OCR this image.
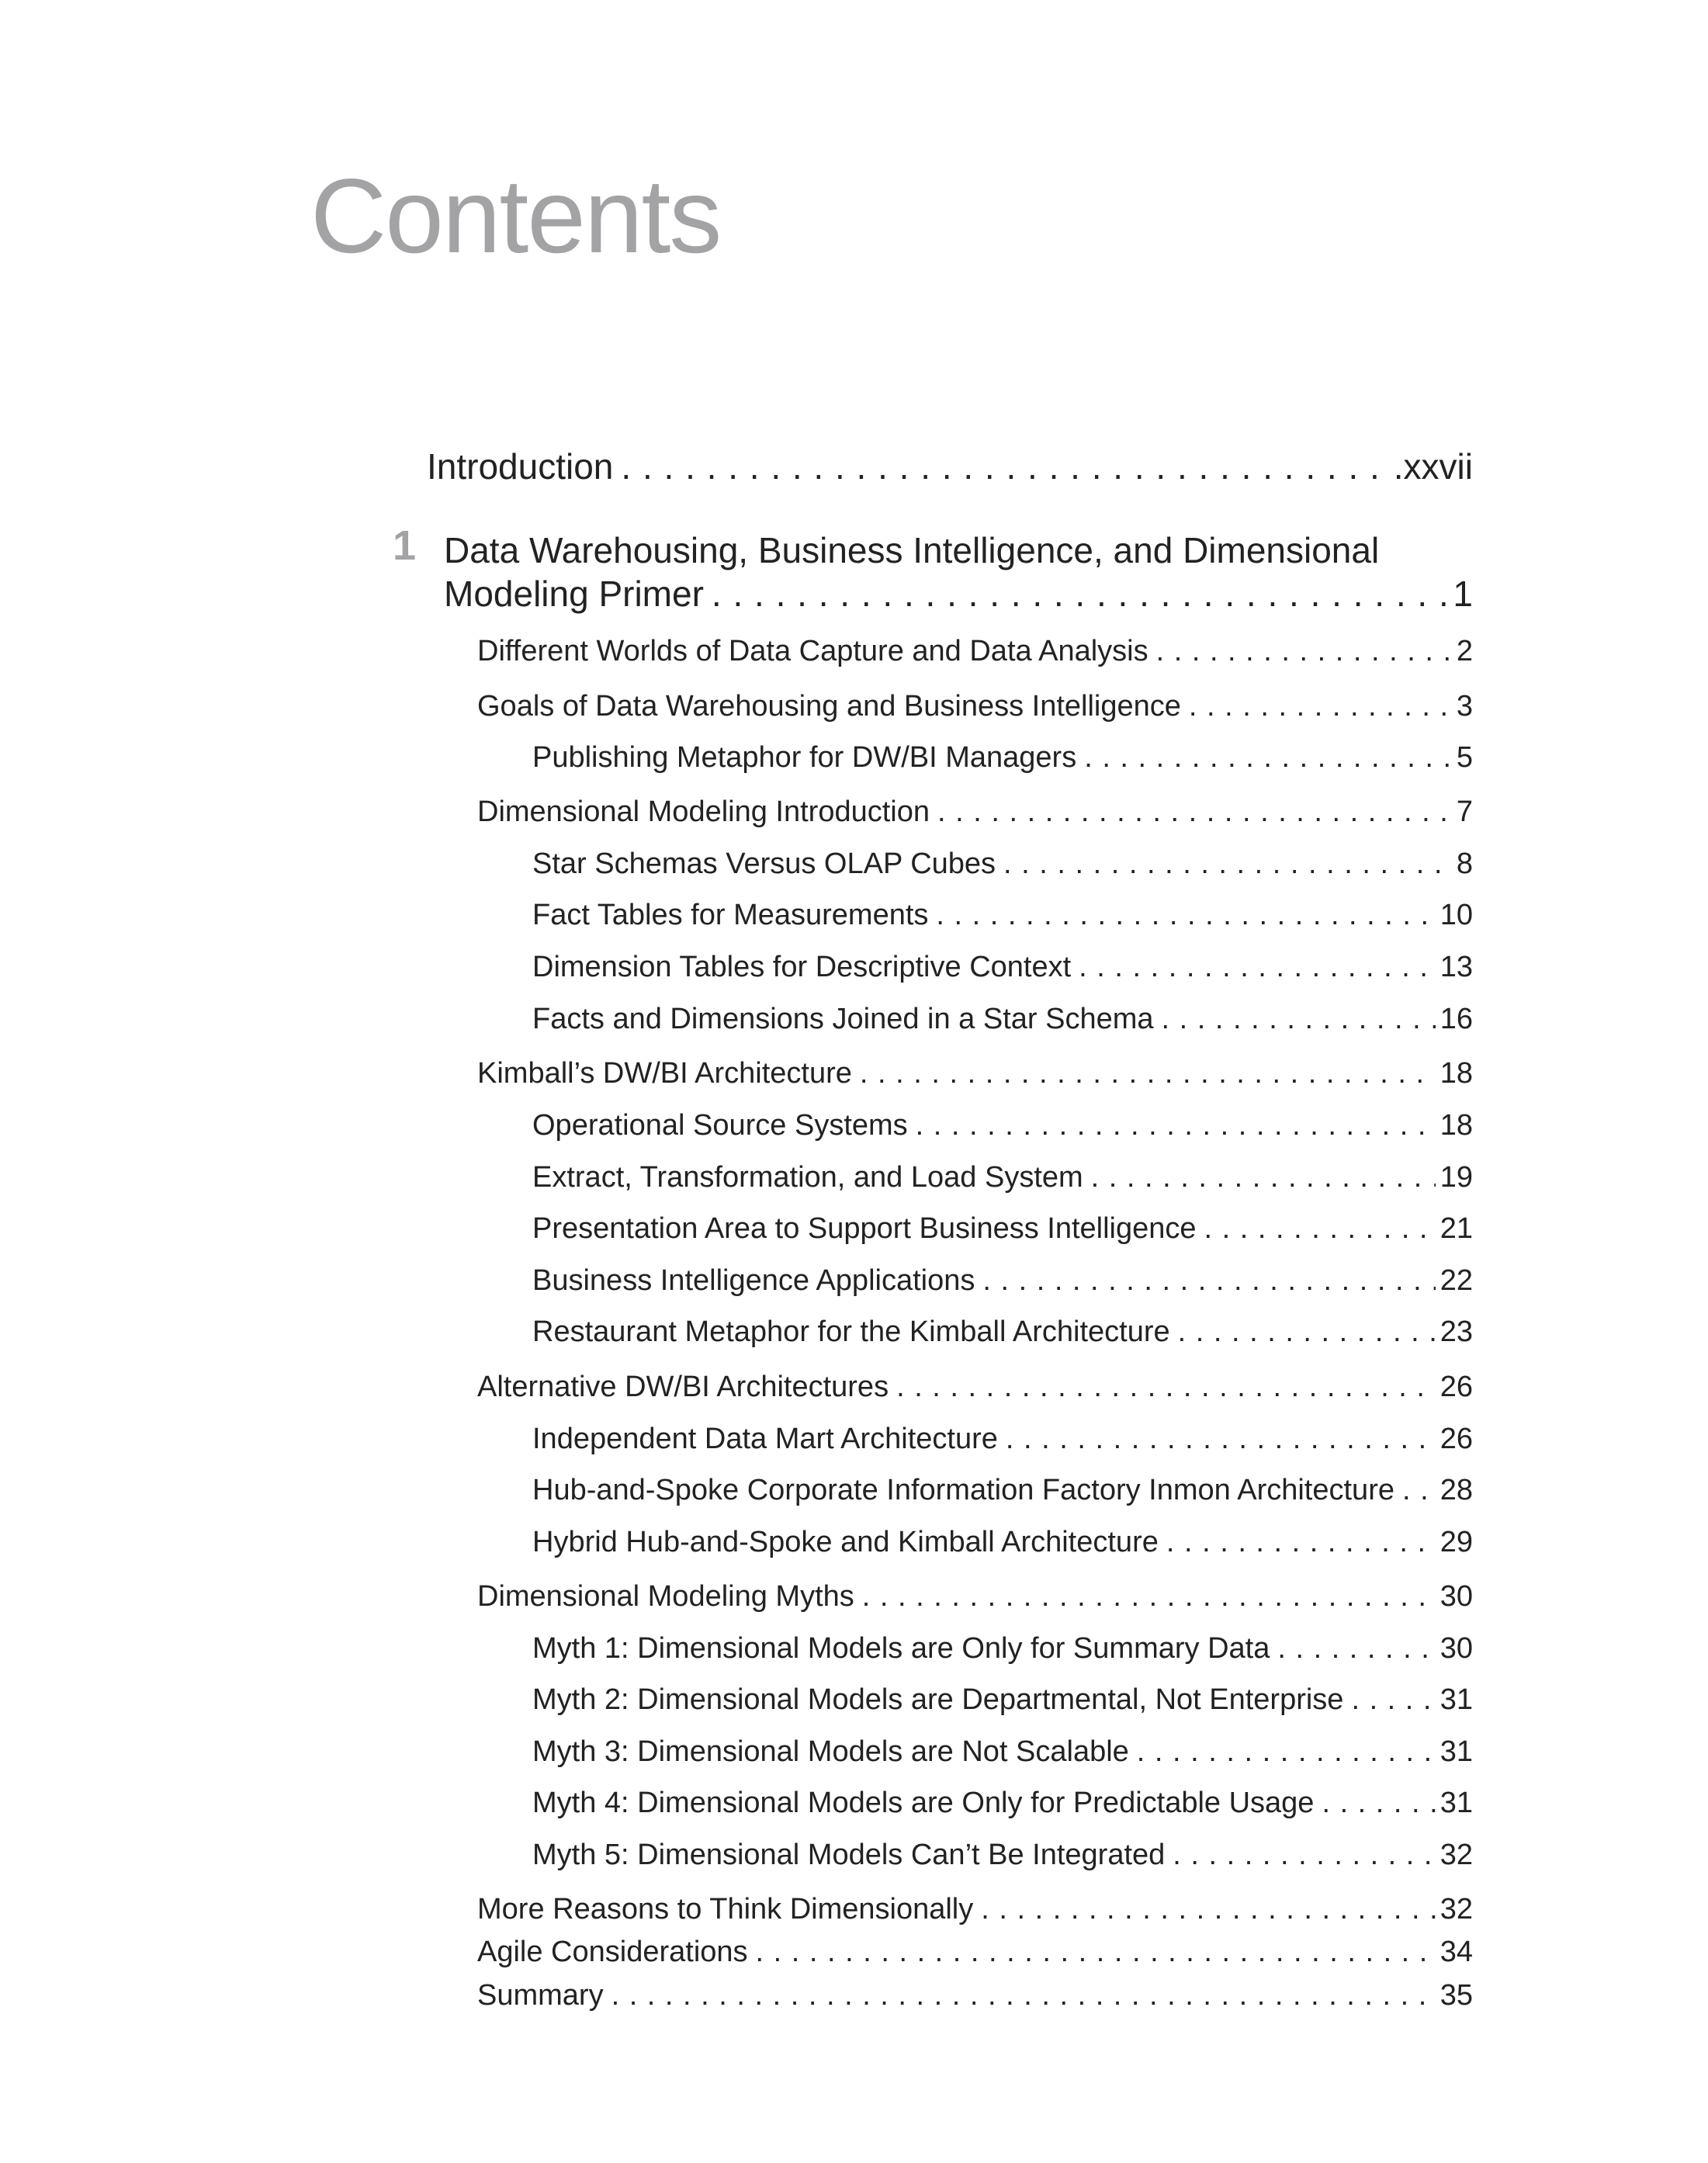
Contents
Introduction . . .	.xxvii
1 Data Warehousing, Business Intelligence, and Dimensional
Modeling Primer . . .	1
Different Worlds of Data Capture and Data Analysis . . .	2
Goals of Data Warehousing and Business Intelligence . . .	3
Publishing Metaphor for DW/BI Managers . . .	5
Dimensional Modeling Introduction . . .	7
Star Schemas Versus OLAP Cubes . . .	8
Fact Tables for Measurements . . .	10
Dimension Tables for Descriptive Context . . .	13
Facts and Dimensions Joined in a Star Schema . . .	16
Kimball’s DW/BI Architecture . . .	18
Operational Source Systems . . .	18
Extract, Transformation, and Load System . . .	19
Presentation Area to Support Business Intelligence . . .	21
Business Intelligence Applications . . .	22
Restaurant Metaphor for the Kimball Architecture . . .	23
Alternative DW/BI Architectures . . .	26
Independent Data Mart Architecture . . .	26
Hub-and-Spoke Corporate Information Factory Inmon Architecture . . . 28
Hybrid Hub-and-Spoke and Kimball Architecture . . .	29
Dimensional Modeling Myths . . .	30
Myth 1: Dimensional Models are Only for Summary Data . . .	30
Myth 2: Dimensional Models are Departmental, Not Enterprise . . .	31
Myth 3: Dimensional Models are Not Scalable . . .	31
Myth 4: Dimensional Models are Only for Predictable Usage . . .	31
Myth 5: Dimensional Models Can’t Be Integrated . . .	32
More Reasons to Think Dimensionally . . .	32
Agile Considerations . . .	34
Summary . . .	35
